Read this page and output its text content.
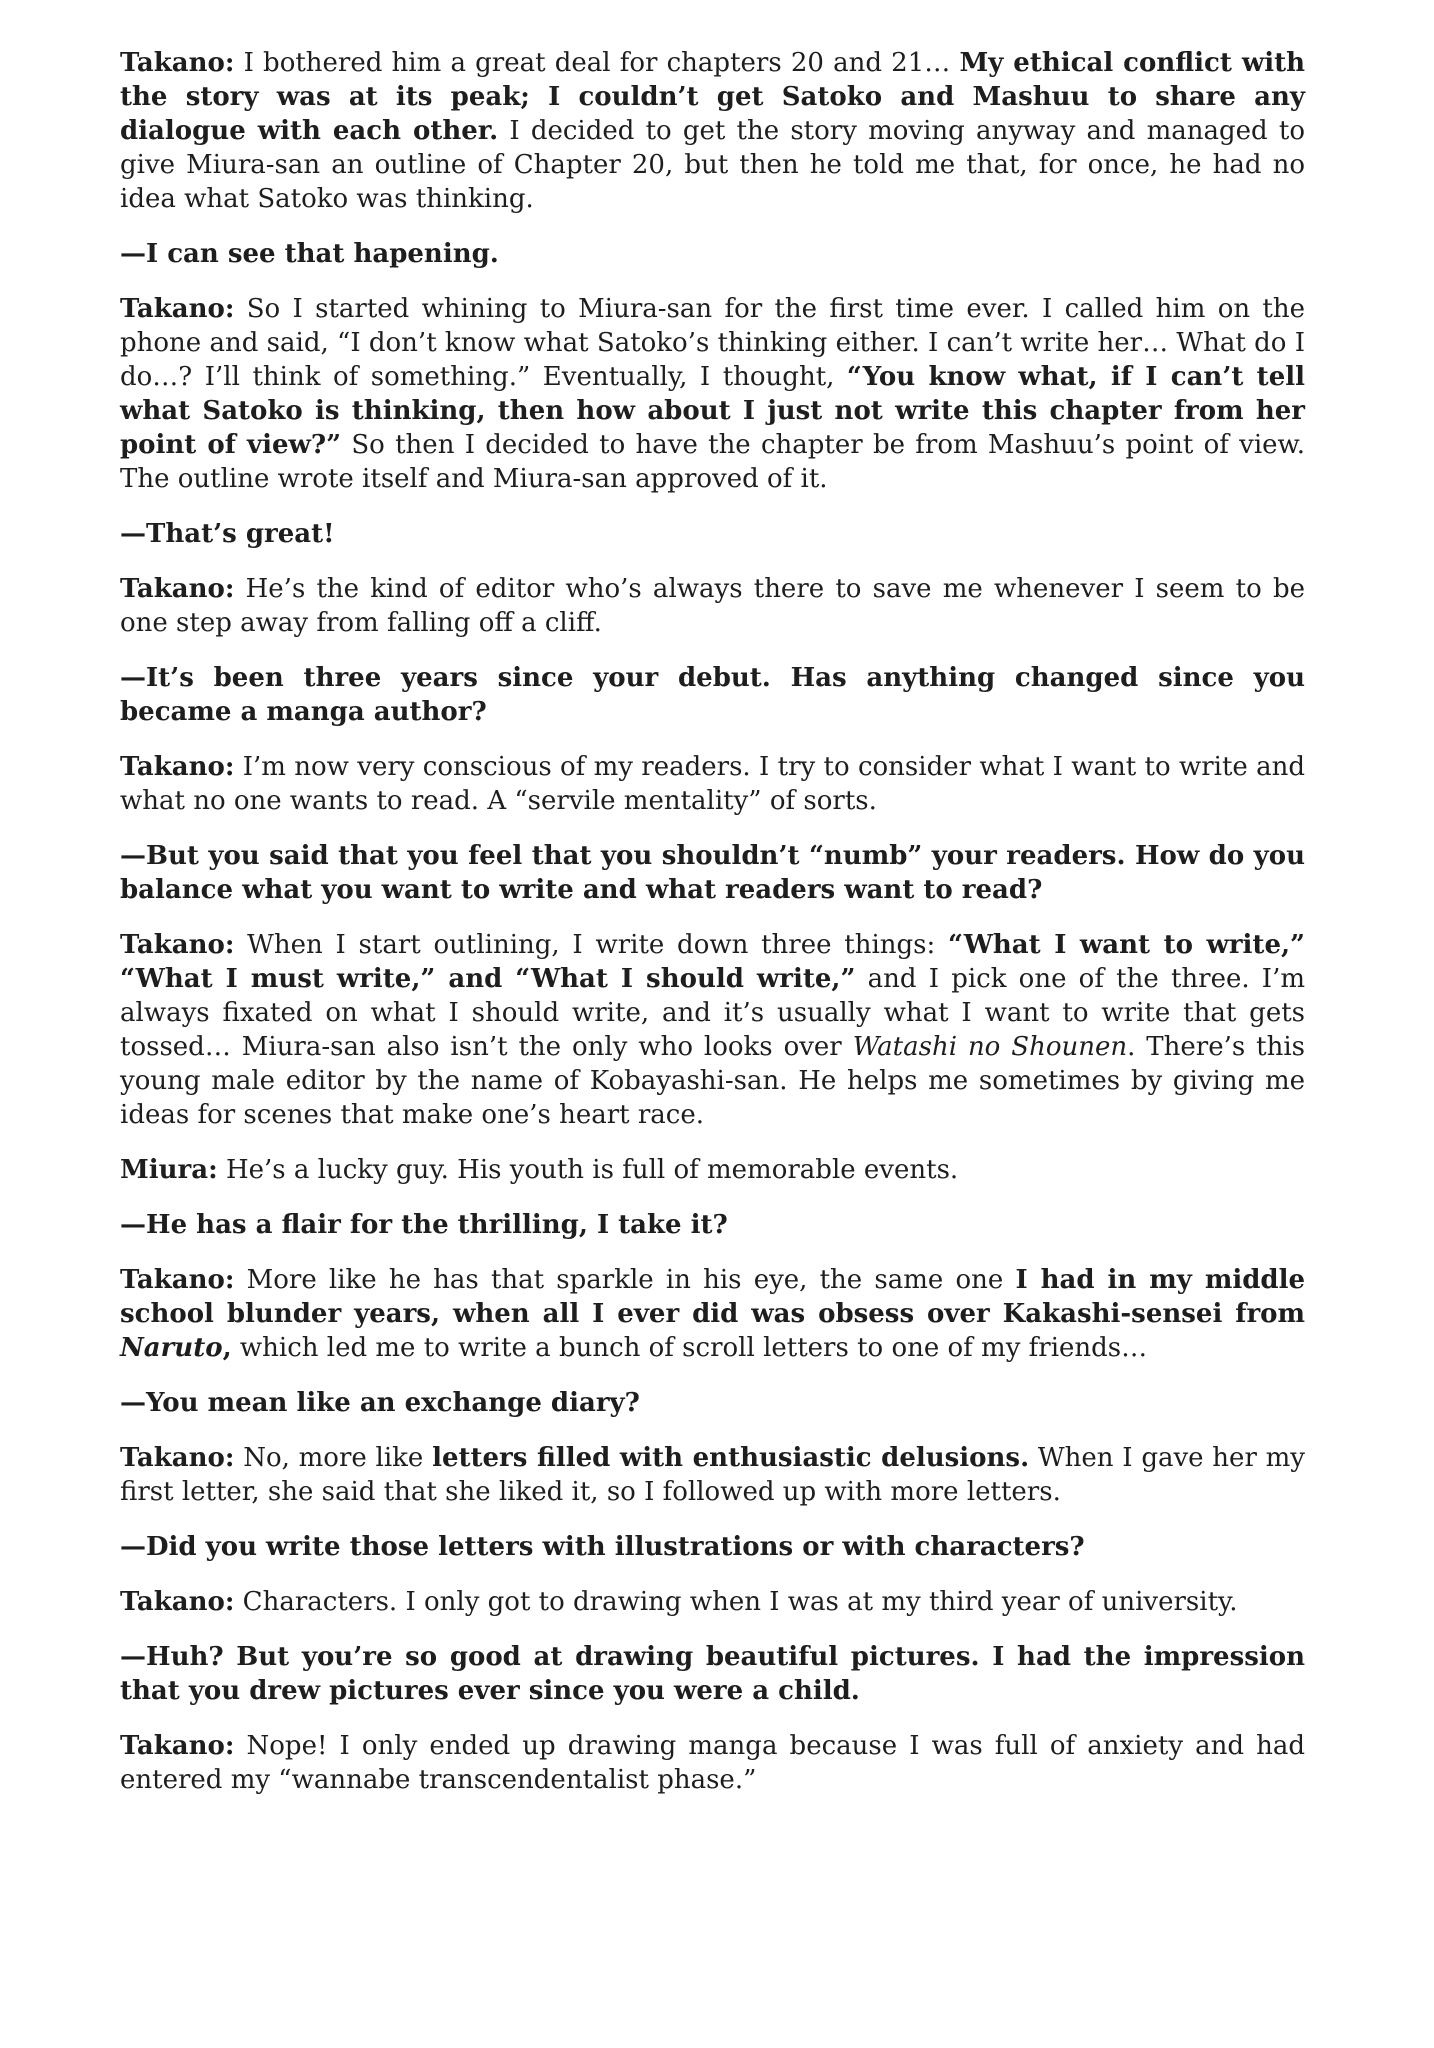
Takano: I bothered him a great deal for chapters 20 and 21… My ethical conflict with the story was at its peak; I couldn’t get Satoko and Mashuu to share any dialogue with each other. I decided to get the story moving anyway and managed to give Miura-san an outline of Chapter 20, but then he told me that, for once, he had no idea what Satoko was thinking.

—I can see that hapening.

Takano: So I started whining to Miura-san for the first time ever. I called him on the phone and said, “I don’t know what Satoko’s thinking either. I can’t write her… What do I do…? I’ll think of something.” Eventually, I thought, “You know what, if I can’t tell what Satoko is thinking, then how about I just not write this chapter from her point of view?” So then I decided to have the chapter be from Mashuu’s point of view. The outline wrote itself and Miura-san approved of it.

—That’s great!

Takano: He’s the kind of editor who’s always there to save me whenever I seem to be one step away from falling off a cliff.

—It’s been three years since your debut. Has anything changed since you became a manga author?

Takano: I’m now very conscious of my readers. I try to consider what I want to write and what no one wants to read. A “servile mentality” of sorts.

—But you said that you feel that you shouldn’t “numb” your readers. How do you balance what you want to write and what readers want to read?

Takano: When I start outlining, I write down three things: “What I want to write,” “What I must write,” and “What I should write,” and I pick one of the three. I’m always fixated on what I should write, and it’s usually what I want to write that gets tossed… Miura-san also isn’t the only who looks over Watashi no Shounen. There’s this young male editor by the name of Kobayashi-san. He helps me sometimes by giving me ideas for scenes that make one’s heart race.

Miura: He’s a lucky guy. His youth is full of memorable events.

—He has a flair for the thrilling, I take it?

Takano: More like he has that sparkle in his eye, the same one I had in my middle school blunder years, when all I ever did was obsess over Kakashi-sensei from Naruto, which led me to write a bunch of scroll letters to one of my friends…

—You mean like an exchange diary?

Takano: No, more like letters filled with enthusiastic delusions. When I gave her my first letter, she said that she liked it, so I followed up with more letters.

—Did you write those letters with illustrations or with characters?

Takano: Characters. I only got to drawing when I was at my third year of university.

—Huh? But you’re so good at drawing beautiful pictures. I had the impression that you drew pictures ever since you were a child.

Takano: Nope! I only ended up drawing manga because I was full of anxiety and had entered my “wannabe transcendentalist phase.”
